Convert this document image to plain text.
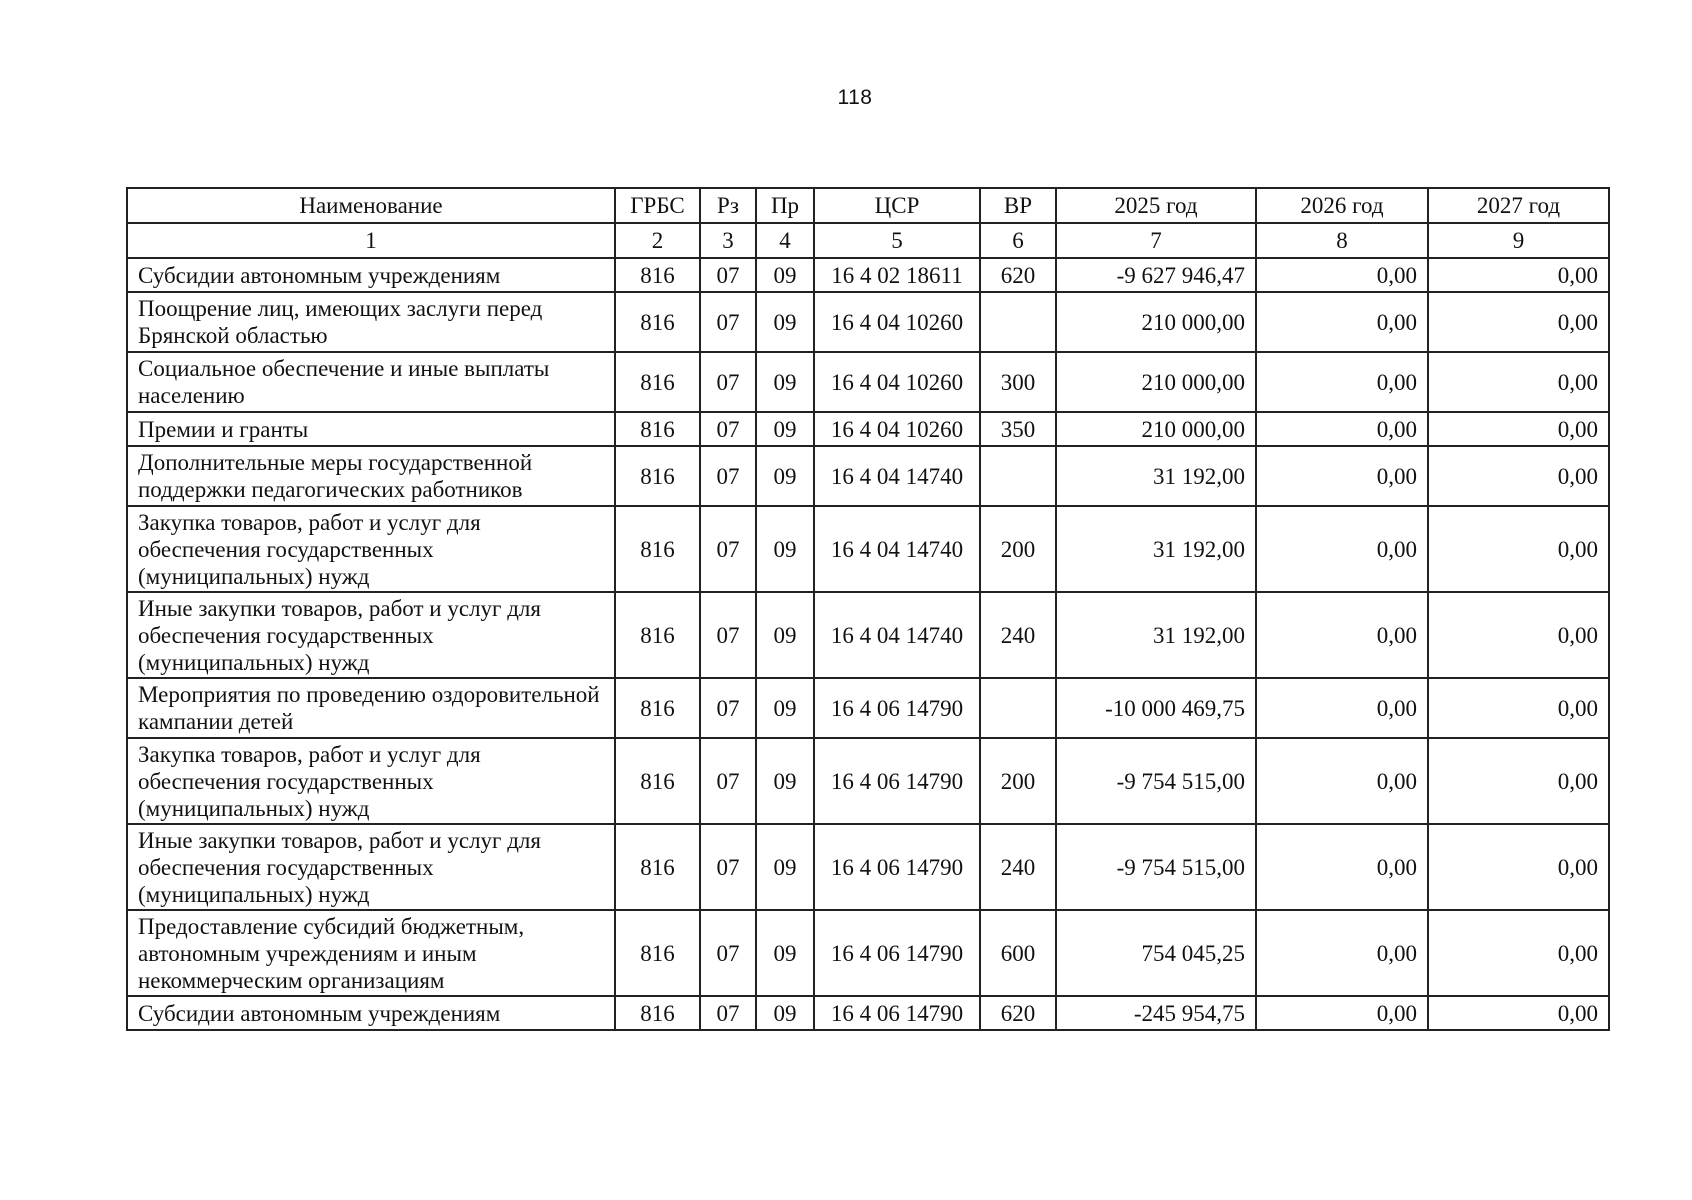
118
Наименование	ГРБС	Рз	Пр	ЦСР	ВР	2025 год	2026 год	2027 год
1	2	3	4	5	6	7	8	9
Субсидии автономным учреждениям	816	07	09	16 4 02 18611	620	-9 627 946,47	0,00	0,00
Поощрение лиц, имеющих заслуги перед Брянской областью	816	07	09	16 4 04 10260		210 000,00	0,00	0,00
Социальное обеспечение и иные выплаты населению	816	07	09	16 4 04 10260	300	210 000,00	0,00	0,00
Премии и гранты	816	07	09	16 4 04 10260	350	210 000,00	0,00	0,00
Дополнительные меры государственной поддержки педагогических работников	816	07	09	16 4 04 14740		31 192,00	0,00	0,00
Закупка товаров, работ и услуг для обеспечения государственных (муниципальных) нужд	816	07	09	16 4 04 14740	200	31 192,00	0,00	0,00
Иные закупки товаров, работ и услуг для обеспечения государственных (муниципальных) нужд	816	07	09	16 4 04 14740	240	31 192,00	0,00	0,00
Мероприятия по проведению оздоровительной кампании детей	816	07	09	16 4 06 14790		-10 000 469,75	0,00	0,00
Закупка товаров, работ и услуг для обеспечения государственных (муниципальных) нужд	816	07	09	16 4 06 14790	200	-9 754 515,00	0,00	0,00
Иные закупки товаров, работ и услуг для обеспечения государственных (муниципальных) нужд	816	07	09	16 4 06 14790	240	-9 754 515,00	0,00	0,00
Предоставление субсидий бюджетным, автономным учреждениям и иным некоммерческим организациям	816	07	09	16 4 06 14790	600	754 045,25	0,00	0,00
Субсидии автономным учреждениям	816	07	09	16 4 06 14790	620	-245 954,75	0,00	0,00
